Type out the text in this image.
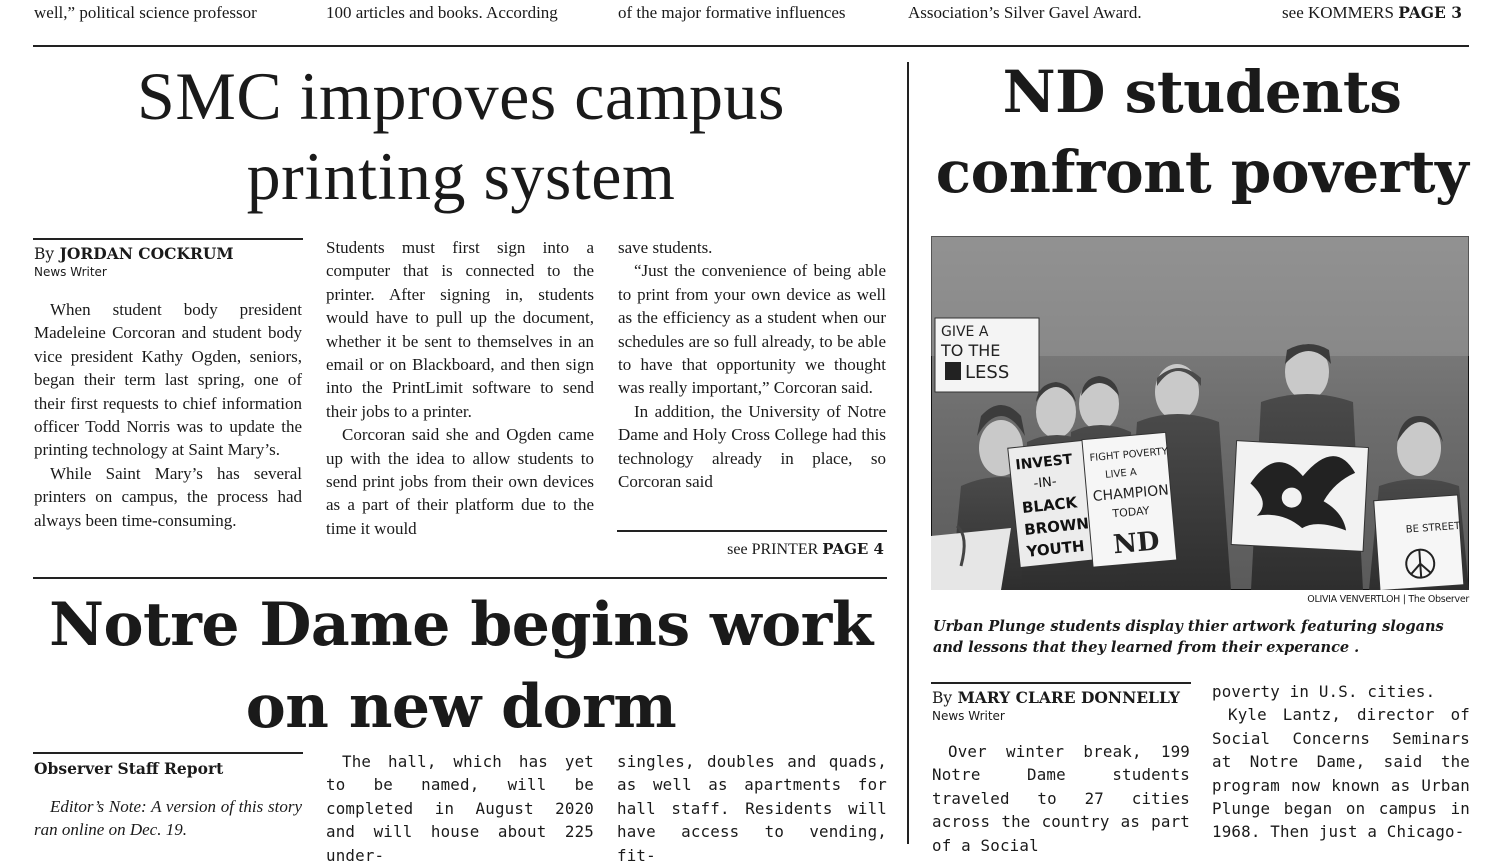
well,” political science professor	100 articles and books. According	of the major formative influences	Association’s Silver Gavel Award.	see KOMMERS PAGE 3
SMC improves campus
printing system
By JORDAN COCKRUM
News Writer

When student body president Madeleine Corcoran and student body vice president Kathy Ogden, seniors, began their term last spring, one of their first requests to chief information officer Todd Norris was to update the printing technology at Saint Mary’s.

While Saint Mary’s has several printers on campus, the process had always been time-consuming.

Students must first sign into a computer that is connected to the printer. After signing in, students would have to pull up the document, whether it be sent to themselves in an email or on Blackboard, and then sign into the PrintLimit software to send their jobs to a printer.

Corcoran said she and Ogden came up with the idea to allow students to send print jobs from their own devices as a part of their platform due to the time it would

save students.

“Just the convenience of being able to print from your own device as well as the efficiency as a student when our schedules are so full already, to be able to have that opportunity we thought was really important,” Corcoran said.

In addition, the University of Notre Dame and Holy Cross College had this technology already in place, so Corcoran said

see PRINTER PAGE 4
Notre Dame begins work
on new dorm
Observer Staff Report

Editor’s Note: A version of this story ran online on Dec. 19.

The hall, which has yet to be named, will be completed in August 2020 and will house about 225 under-

singles, doubles and quads, as well as apartments for hall staff. Residents will have access to vending, fit-

ND students
confront poverty
GIVE A
TO THE
LESS
INVEST
-IN-
BLACK
BROWN
YOUTH
FIGHT POVERTY
LIVE A
CHAMPION
TODAY
ND	BE STREET
OLIVIA VENVERTLOH | The Observer
Urban Plunge students display thier artwork featuring slogans and lessons that they learned from their experance .
By MARY CLARE DONNELLY
News Writer

Over winter break, 199 Notre Dame students traveled to 27 cities across the country as part of a Social

poverty in U.S. cities.

Kyle Lantz, director of Social Concerns Seminars at Notre Dame, said the program now known as Urban Plunge began on campus in 1968. Then just a Chicago-
